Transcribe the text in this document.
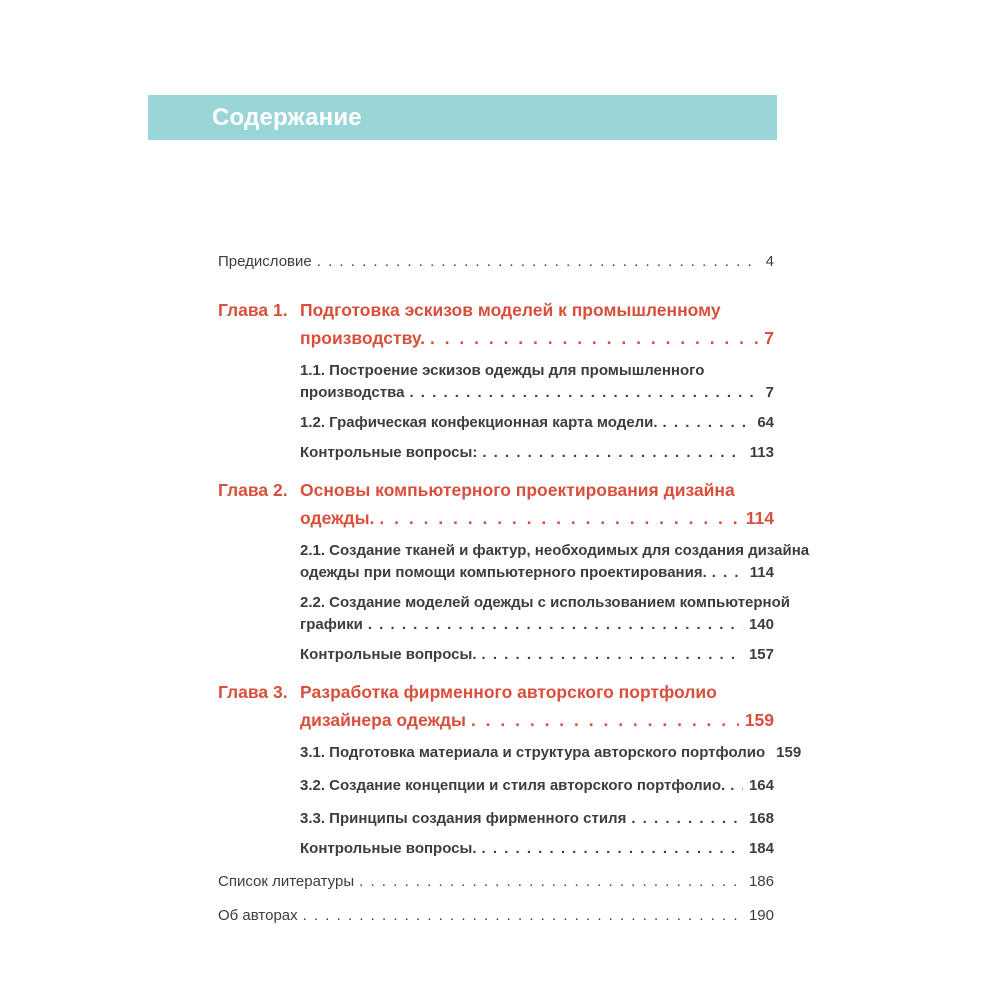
Содержание
Предисловие . . .	4
Глава 1. Подготовка эскизов моделей к промышленному
производству. . . .	7
1.1. Построение эскизов одежды для промышленного
производства . . .	7
1.2. Графическая конфекционная карта модели. . . .	64
Контрольные вопросы: . . .	113
Глава 2. Основы компьютерного проектирования дизайна
одежды. . . .	114
2.1. Создание тканей и фактур, необходимых для создания дизайна
одежды при помощи компьютерного проектирования. . . .	114
2.2. Создание моделей одежды с использованием компьютерной
графики . . .	140
Контрольные вопросы. . . .	157
Глава 3. Разработка фирменного авторского портфолио
дизайнера одежды . . .	159
3.1. Подготовка материала и структура авторского портфолио . . . 159
3.2. Создание концепции и стиля авторского портфолио. . . .	164
3.3. Принципы создания фирменного стиля . . .	168
Контрольные вопросы. . . .	184
Список литературы . . .	186
Об авторах . . .	190
